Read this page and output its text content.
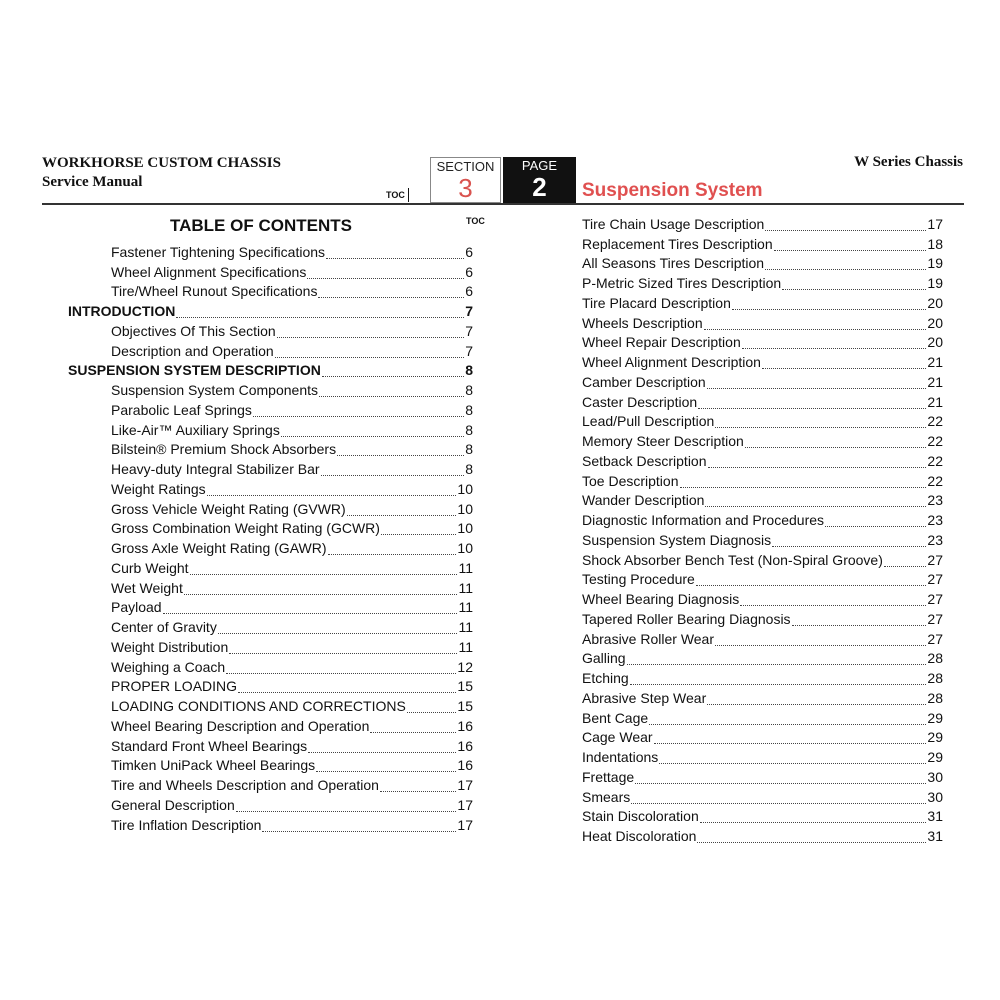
WORKHORSE CUSTOM CHASSIS
Service Manual
TOC
SECTION
3
PAGE
2	Suspension System
W Series Chassis
TABLE OF CONTENTS	TOC
Fastener Tightening Specifications	6
Wheel Alignment Specifications	6
Tire/Wheel Runout Specifications	6
INTRODUCTION	7
Objectives Of This Section	7
Description and Operation	7
SUSPENSION SYSTEM DESCRIPTION	8
Suspension System Components	8
Parabolic Leaf Springs	8
Like-Air™ Auxiliary Springs	8
Bilstein® Premium Shock Absorbers	8
Heavy-duty Integral Stabilizer Bar	8
Weight Ratings	10
Gross Vehicle Weight Rating (GVWR)	10
Gross Combination Weight Rating (GCWR)	10
Gross Axle Weight Rating (GAWR)	10
Curb Weight	11
Wet Weight	11
Payload	11
Center of Gravity	11
Weight Distribution	11
Weighing a Coach	12
PROPER LOADING	15
LOADING CONDITIONS AND CORRECTIONS	15
Wheel Bearing Description and Operation	16
Standard Front Wheel Bearings	16
Timken UniPack Wheel Bearings	16
Tire and Wheels Description and Operation	17
General Description	17
Tire Inflation Description	17
Tire Chain Usage Description	17
Replacement Tires Description	18
All Seasons Tires Description	19
P-Metric Sized Tires Description	19
Tire Placard Description	20
Wheels Description	20
Wheel Repair Description	20
Wheel Alignment Description	21
Camber Description	21
Caster Description	21
Lead/Pull Description	22
Memory Steer Description	22
Setback Description	22
Toe Description	22
Wander Description	23
Diagnostic Information and Procedures	23
Suspension System Diagnosis	23
Shock Absorber Bench Test (Non-Spiral Groove)	27
Testing Procedure	27
Wheel Bearing Diagnosis	27
Tapered Roller Bearing Diagnosis	27
Abrasive Roller Wear	27
Galling	28
Etching	28
Abrasive Step Wear	28
Bent Cage	29
Cage Wear	29
Indentations	29
Frettage	30
Smears	30
Stain Discoloration	31
Heat Discoloration	31
